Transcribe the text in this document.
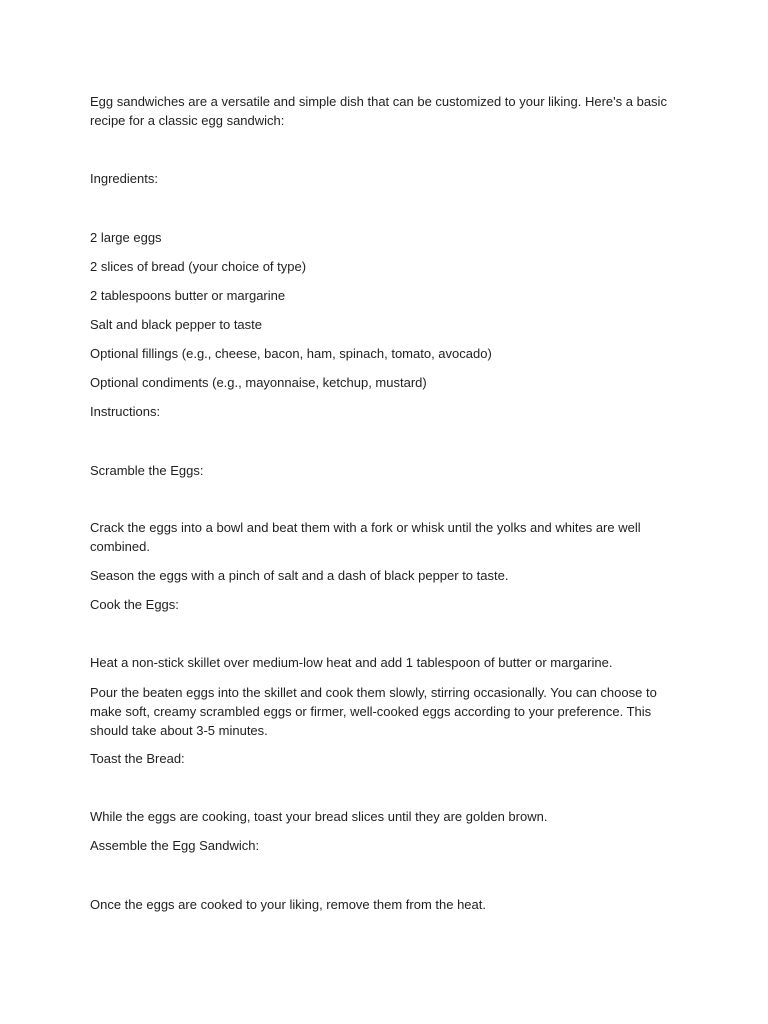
Egg sandwiches are a versatile and simple dish that can be customized to your liking. Here's a basic recipe for a classic egg sandwich:

Ingredients:

2 large eggs

2 slices of bread (your choice of type)

2 tablespoons butter or margarine

Salt and black pepper to taste

Optional fillings (e.g., cheese, bacon, ham, spinach, tomato, avocado)

Optional condiments (e.g., mayonnaise, ketchup, mustard)

Instructions:

Scramble the Eggs:

Crack the eggs into a bowl and beat them with a fork or whisk until the yolks and whites are well combined.

Season the eggs with a pinch of salt and a dash of black pepper to taste.

Cook the Eggs:

Heat a non-stick skillet over medium-low heat and add 1 tablespoon of butter or margarine.

Pour the beaten eggs into the skillet and cook them slowly, stirring occasionally. You can choose to make soft, creamy scrambled eggs or firmer, well-cooked eggs according to your preference. This should take about 3-5 minutes.

Toast the Bread:

While the eggs are cooking, toast your bread slices until they are golden brown.

Assemble the Egg Sandwich:

Once the eggs are cooked to your liking, remove them from the heat.
